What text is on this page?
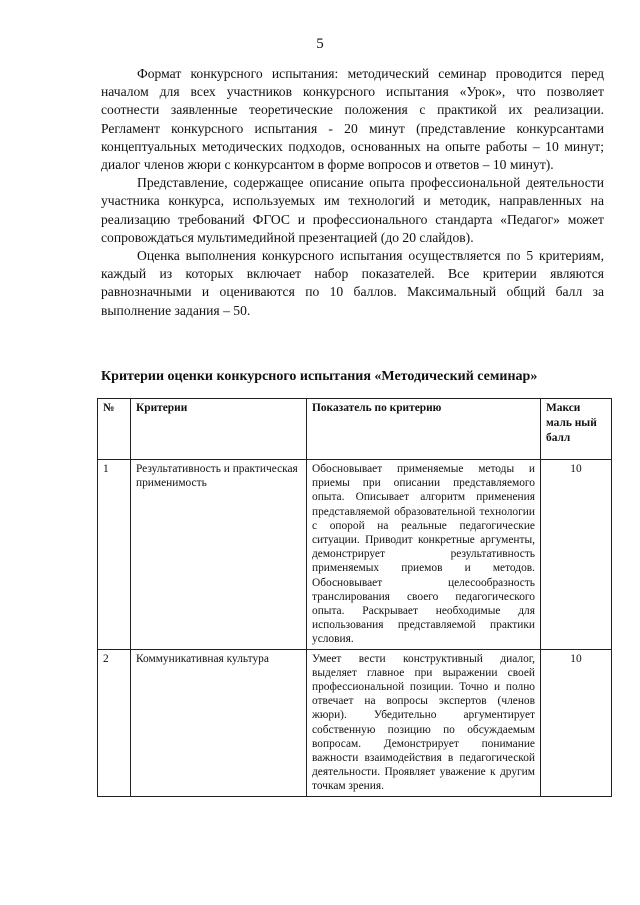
5

Формат конкурсного испытания: методический семинар проводится перед началом для всех участников конкурсного испытания «Урок», что позволяет соотнести заявленные теоретические положения с практикой их реализации. Регламент конкурсного испытания - 20 минут (представление конкурсантами концептуальных методических подходов, основанных на опыте работы – 10 минут; диалог членов жюри с конкурсантом в форме вопросов и ответов – 10 минут).

Представление, содержащее описание опыта профессиональной деятельности участника конкурса, используемых им технологий и методик, направленных на реализацию требований ФГОС и профессионального стандарта «Педагог» может сопровождаться мультимедийной презентацией (до 20 слайдов).

Оценка выполнения конкурсного испытания осуществляется по 5 критериям, каждый из которых включает набор показателей. Все критерии являются равнозначными и оцениваются по 10 баллов. Максимальный общий балл за выполнение задания – 50.

Критерии оценки конкурсного испытания «Методический семинар»
№	Критерии	Показатель по критерию	Макси маль ный балл
1	Результативность и практическая применимость	Обосновывает применяемые методы и приемы при описании представляемого опыта. Описывает алгоритм применения представляемой образовательной технологии с опорой на реальные педагогические ситуации. Приводит конкретные аргументы, демонстрирует результативность применяемых приемов и методов. Обосновывает целесообразность транслирования своего педагогического опыта. Раскрывает необходимые для использования представляемой практики условия.	10
2	Коммуникативная культура	Умеет вести конструктивный диалог, выделяет главное при выражении своей профессиональной позиции. Точно и полно отвечает на вопросы экспертов (членов жюри). Убедительно аргументирует собственную позицию по обсуждаемым вопросам. Демонстрирует понимание важности взаимодействия в педагогической деятельности. Проявляет уважение к другим точкам зрения.	10
